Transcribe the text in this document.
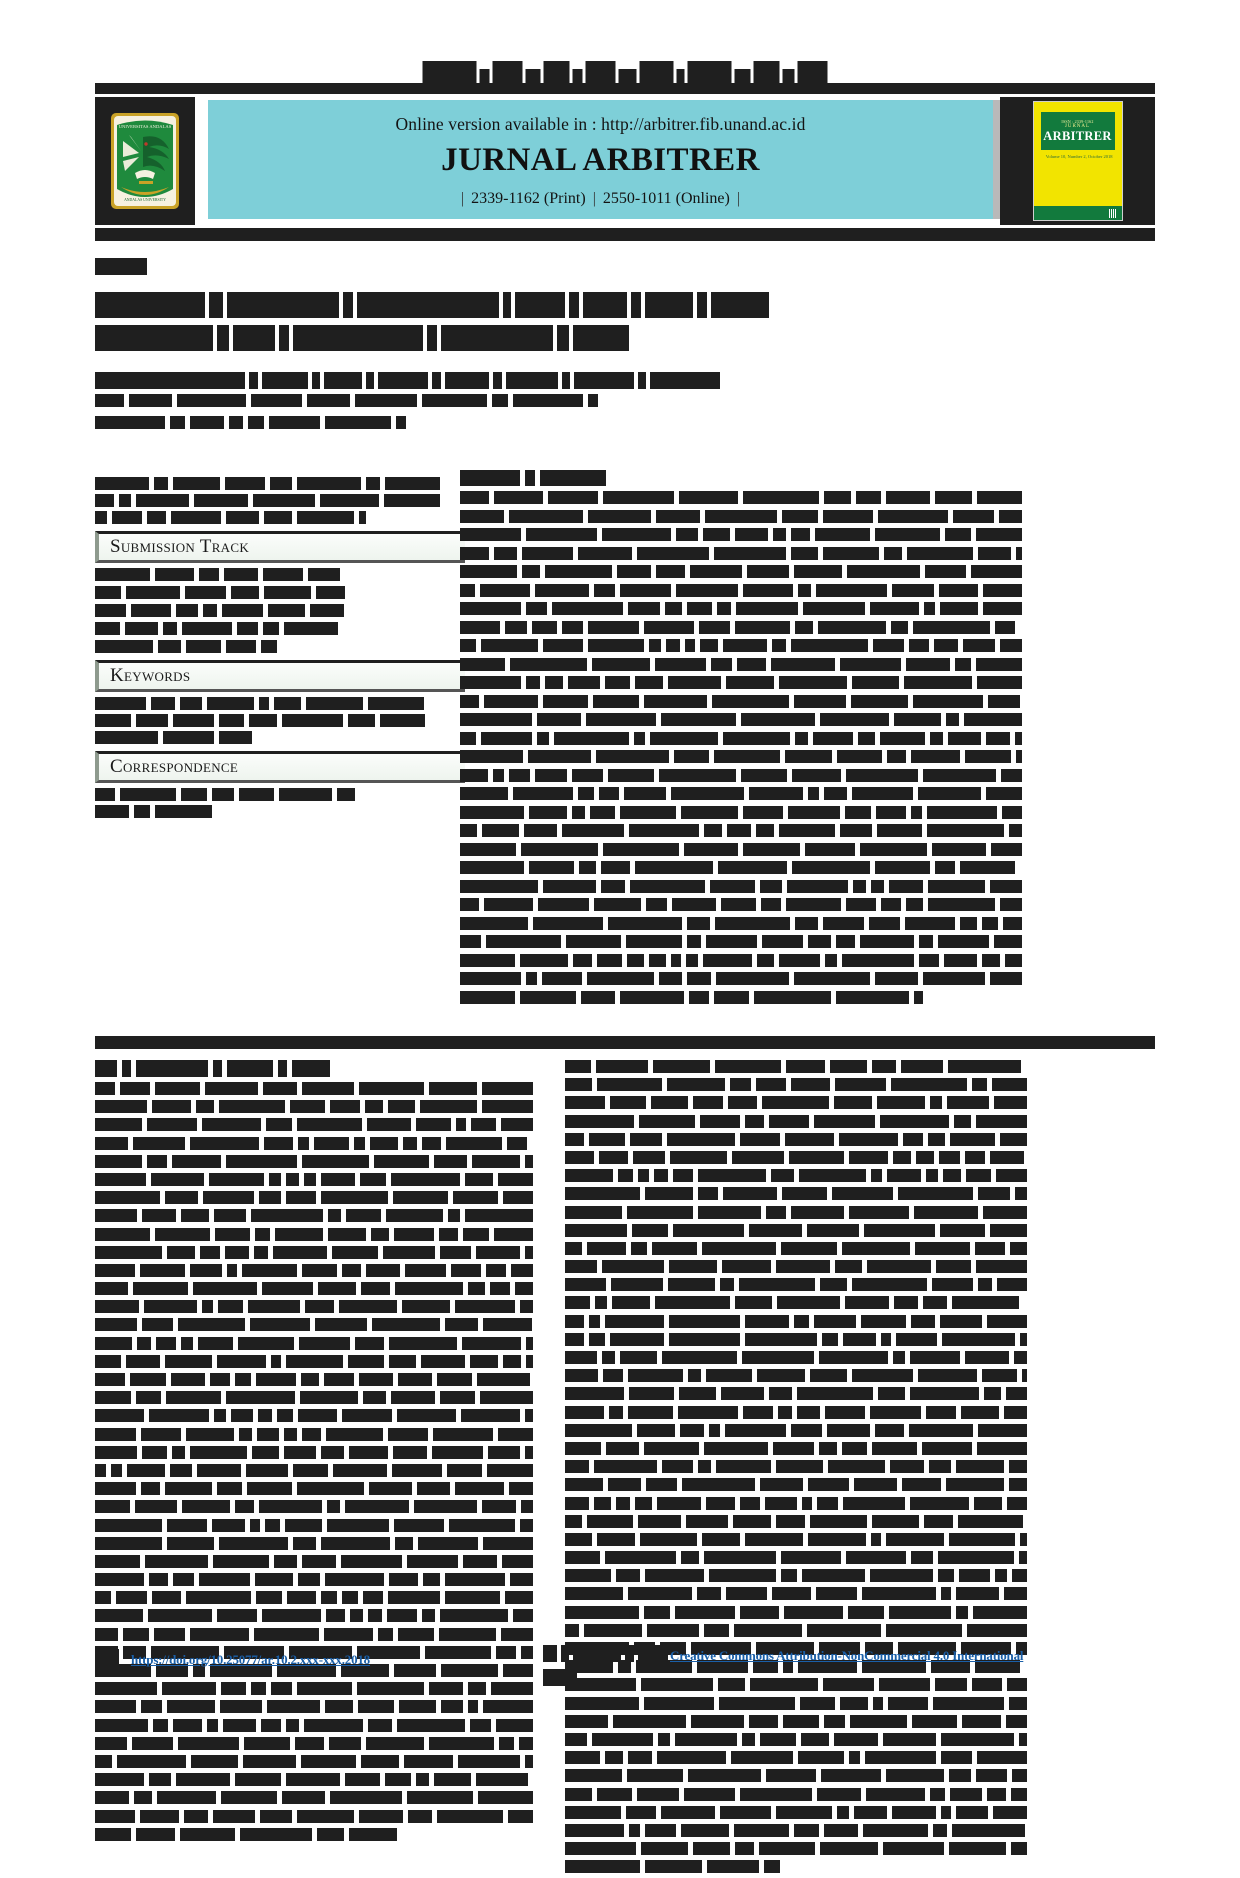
UNIVERSITAS ANDALAS
ANDALAS UNIVERSITY
Online version available in : http://arbitrer.fib.unand.ac.id
JURNAL ARBITRER
| 2339-1162 (Print) | 2550-1011 (Online) |
ISSN : 2339-1162
JURNAL
ARBITRER
Volume 10, Number 2, October 2018
Submission Track
Keywords
Correspondence
https://doi.org/10.25077/ar.10.2.xxx-xxx.2018	Creative Commons Attribution-NonCommercial 4.0 International
